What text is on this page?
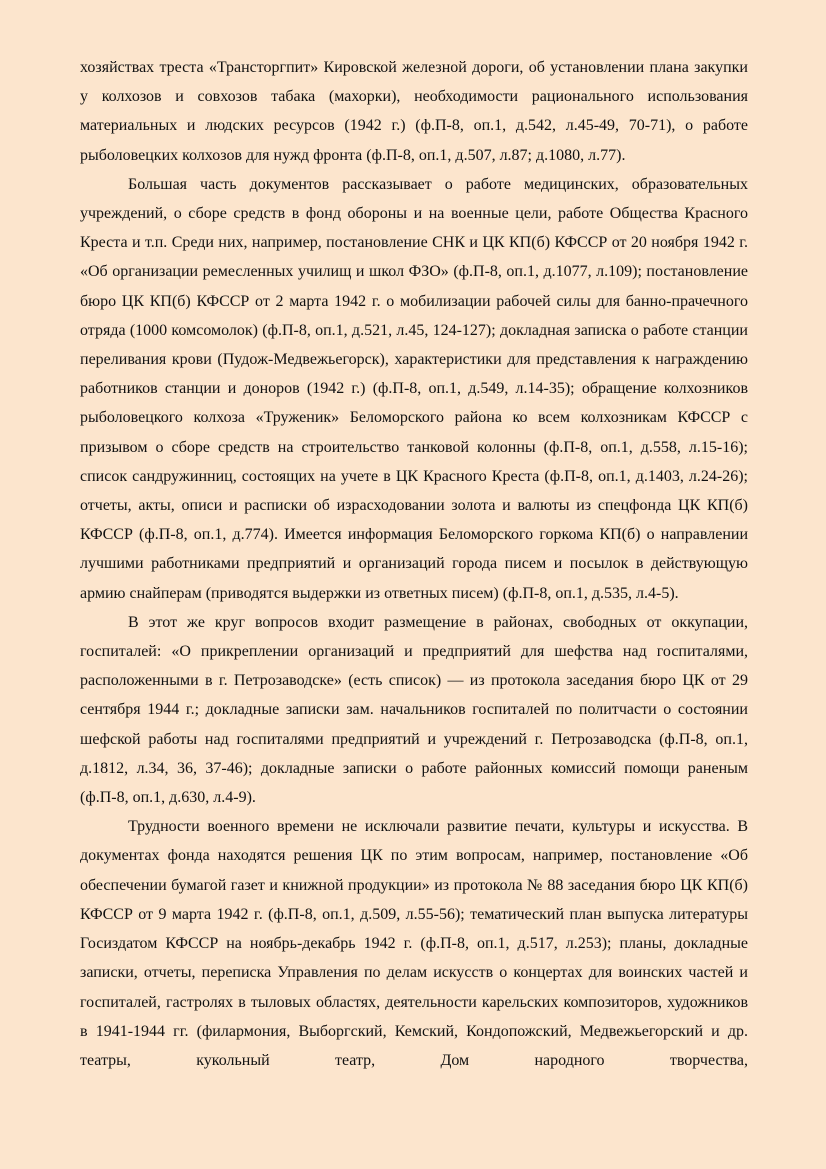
хозяйствах треста «Трансторгпит» Кировской железной дороги, об установлении плана закупки у колхозов и совхозов табака (махорки), необходимости рационального использования материальных и людских ресурсов (1942 г.) (ф.П-8, оп.1, д.542, л.45-49, 70-71), о работе рыболовецких колхозов для нужд фронта (ф.П-8, оп.1, д.507, л.87; д.1080, л.77).

Большая часть документов рассказывает о работе медицинских, образовательных учреждений, о сборе средств в фонд обороны и на военные цели, работе Общества Красного Креста и т.п. Среди них, например, постановление СНК и ЦК КП(б) КФССР от 20 ноября 1942 г. «Об организации ремесленных училищ и школ ФЗО» (ф.П-8, оп.1, д.1077, л.109); постановление бюро ЦК КП(б) КФССР от 2 марта 1942 г. о мобилизации рабочей силы для банно-прачечного отряда (1000 комсомолок) (ф.П-8, оп.1, д.521, л.45, 124-127); докладная записка о работе станции переливания крови (Пудож-Медвежьегорск), характеристики для представления к награждению работников станции и доноров (1942 г.) (ф.П-8, оп.1, д.549, л.14-35); обращение колхозников рыболовецкого колхоза «Труженик» Беломорского района ко всем колхозникам КФССР с призывом о сборе средств на строительство танковой колонны (ф.П-8, оп.1, д.558, л.15-16); список сандружинниц, состоящих на учете в ЦК Красного Креста (ф.П-8, оп.1, д.1403, л.24-26); отчеты, акты, описи и расписки об израсходовании золота и валюты из спецфонда ЦК КП(б) КФССР (ф.П-8, оп.1, д.774). Имеется информация Беломорского горкома КП(б) о направлении лучшими работниками предприятий и организаций города писем и посылок в действующую армию снайперам (приводятся выдержки из ответных писем) (ф.П-8, оп.1, д.535, л.4-5).

В этот же круг вопросов входит размещение в районах, свободных от оккупации, госпиталей: «О прикреплении организаций и предприятий для шефства над госпиталями, расположенными в г. Петрозаводске» (есть список) — из протокола заседания бюро ЦК от 29 сентября 1944 г.; докладные записки зам. начальников госпиталей по политчасти о состоянии шефской работы над госпиталями предприятий и учреждений г. Петрозаводска (ф.П-8, оп.1, д.1812, л.34, 36, 37-46); докладные записки о работе районных комиссий помощи раненым (ф.П-8, оп.1, д.630, л.4-9).

Трудности военного времени не исключали развитие печати, культуры и искусства. В документах фонда находятся решения ЦК по этим вопросам, например, постановление «Об обеспечении бумагой газет и книжной продукции» из протокола № 88 заседания бюро ЦК КП(б) КФССР от 9 марта 1942 г. (ф.П-8, оп.1, д.509, л.55-56); тематический план выпуска литературы Госиздатом КФССР на ноябрь-декабрь 1942 г. (ф.П-8, оп.1, д.517, л.253); планы, докладные записки, отчеты, переписка Управления по делам искусств о концертах для воинских частей и госпиталей, гастролях в тыловых областях, деятельности карельских композиторов, художников в 1941-1944 гг. (филармония, Выборгский, Кемский, Кондопожский, Медвежьегорский и др. театры, кукольный театр, Дом народного творчества,
